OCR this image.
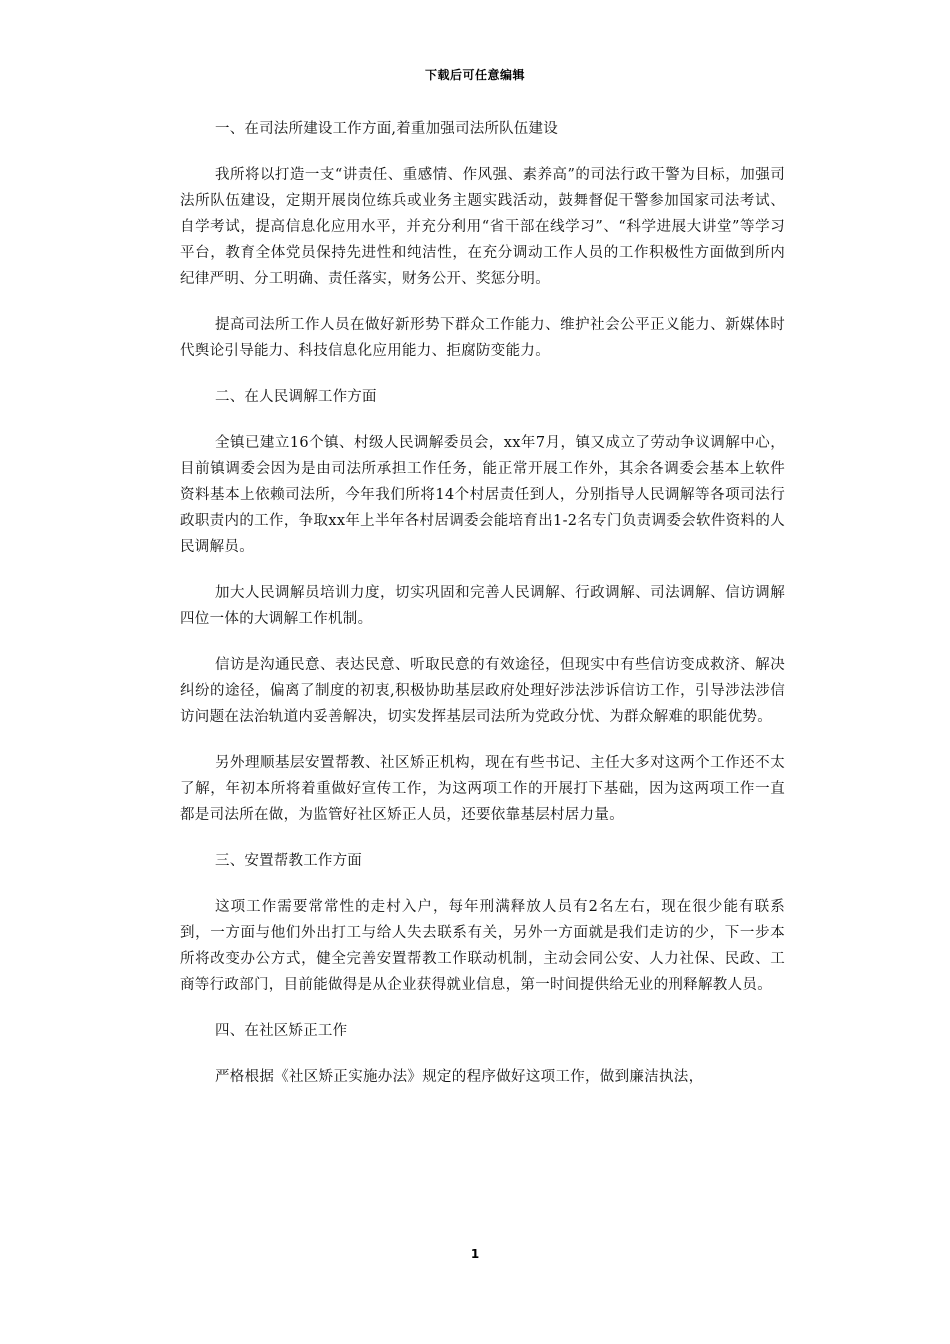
下载后可任意编辑

一、在司法所建设工作方面,着重加强司法所队伍建设

我所将以打造一支“讲责任、重感情、作风强、素养高”的司法行政干警为目标，加强司法所队伍建设，定期开展岗位练兵或业务主题实践活动，鼓舞督促干警参加国家司法考试、自学考试，提高信息化应用水平，并充分利用“省干部在线学习”、“科学进展大讲堂”等学习平台，教育全体党员保持先进性和纯洁性，在充分调动工作人员的工作积极性方面做到所内纪律严明、分工明确、责任落实，财务公开、奖惩分明。

提高司法所工作人员在做好新形势下群众工作能力、维护社会公平正义能力、新媒体时代舆论引导能力、科技信息化应用能力、拒腐防变能力。

二、在人民调解工作方面

全镇已建立16个镇、村级人民调解委员会，xx年7月，镇又成立了劳动争议调解中心，目前镇调委会因为是由司法所承担工作任务，能正常开展工作外，其余各调委会基本上软件资料基本上依赖司法所，今年我们所将14个村居责任到人，分别指导人民调解等各项司法行政职责内的工作，争取xx年上半年各村居调委会能培育出1-2名专门负责调委会软件资料的人民调解员。

加大人民调解员培训力度，切实巩固和完善人民调解、行政调解、司法调解、信访调解四位一体的大调解工作机制。

信访是沟通民意、表达民意、听取民意的有效途径，但现实中有些信访变成救济、解决纠纷的途径，偏离了制度的初衷,积极协助基层政府处理好涉法涉诉信访工作，引导涉法涉信访问题在法治轨道内妥善解决，切实发挥基层司法所为党政分忧、为群众解难的职能优势。

另外理顺基层安置帮教、社区矫正机构，现在有些书记、主任大多对这两个工作还不太了解，年初本所将着重做好宣传工作，为这两项工作的开展打下基础，因为这两项工作一直都是司法所在做，为监管好社区矫正人员，还要依靠基层村居力量。

三、安置帮教工作方面

这项工作需要常常性的走村入户，每年刑满释放人员有2名左右，现在很少能有联系到，一方面与他们外出打工与给人失去联系有关，另外一方面就是我们走访的少，下一步本所将改变办公方式，健全完善安置帮教工作联动机制，主动会同公安、人力社保、民政、工商等行政部门，目前能做得是从企业获得就业信息，第一时间提供给无业的刑释解教人员。

四、在社区矫正工作

严格根据《社区矫正实施办法》规定的程序做好这项工作，做到廉洁执法，

1
